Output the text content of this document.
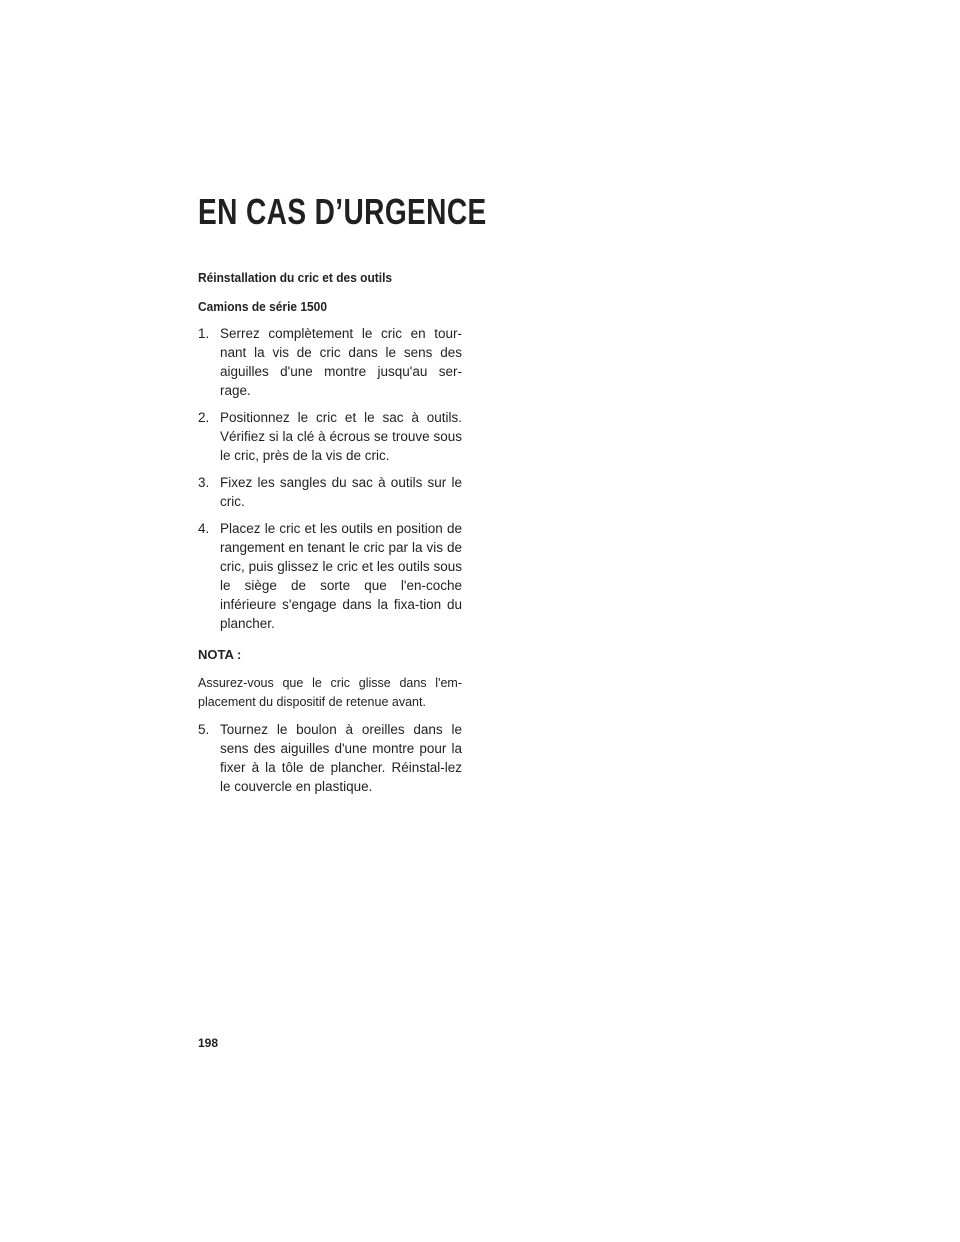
EN CAS D’URGENCE
Réinstallation du cric et des outils
Camions de série 1500
1. Serrez complètement le cric en tour-nant la vis de cric dans le sens des aiguilles d'une montre jusqu'au ser-rage.
2. Positionnez le cric et le sac à outils. Vérifiez si la clé à écrous se trouve sous le cric, près de la vis de cric.
3. Fixez les sangles du sac à outils sur le cric.
4. Placez le cric et les outils en position de rangement en tenant le cric par la vis de cric, puis glissez le cric et les outils sous le siège de sorte que l'en-coche inférieure s'engage dans la fixa-tion du plancher.
NOTA :
Assurez-vous que le cric glisse dans l'em-placement du dispositif de retenue avant.
5. Tournez le boulon à oreilles dans le sens des aiguilles d'une montre pour la fixer à la tôle de plancher. Réinstal-lez le couvercle en plastique.
198
